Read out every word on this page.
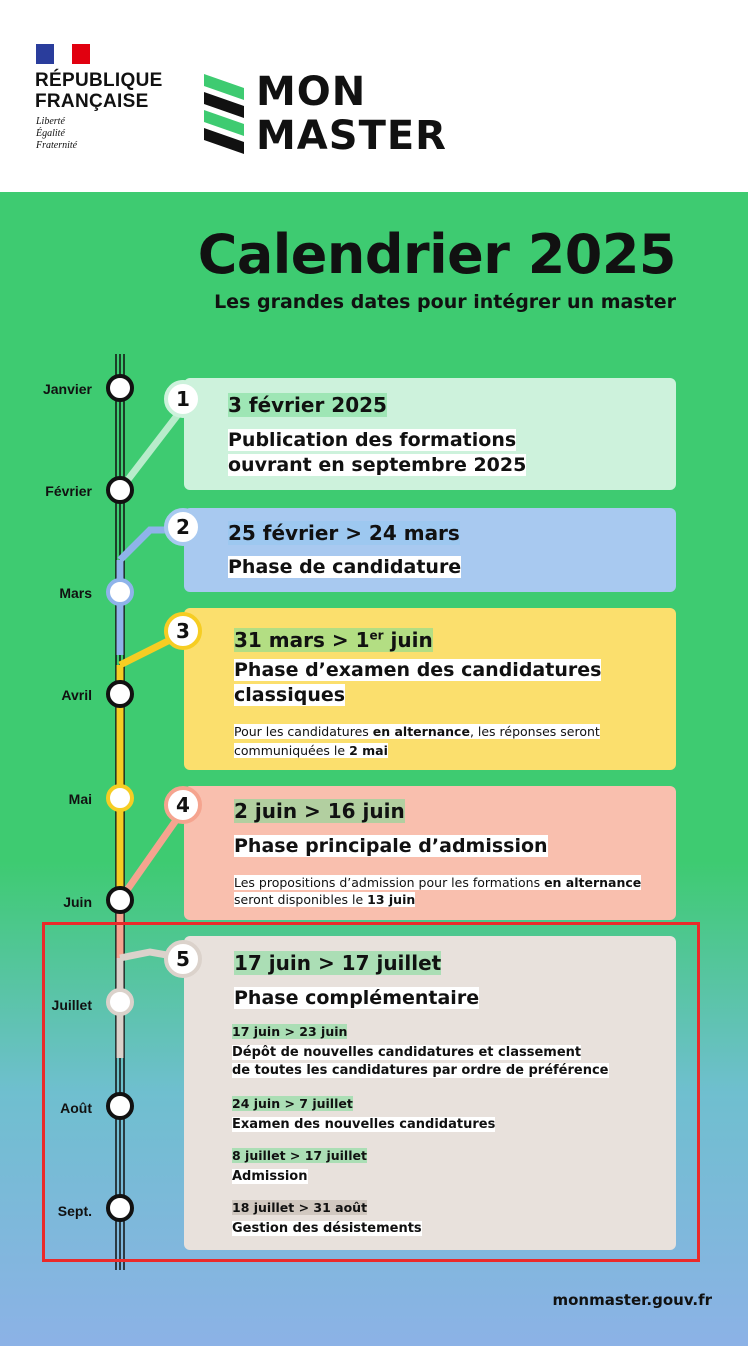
RÉPUBLIQUE
FRANÇAISE
Liberté
Égalité
Fraternité
MON
MASTER
Calendrier 2025
Les grandes dates pour intégrer un master
Janvier
Février
Mars
Avril
Mai
Juin
Juillet
Août
Sept.
3 février 2025
Publication des formations
ouvrant en septembre 2025
1
25 février > 24 mars
Phase de candidature
2
31 mars > 1er juin
Phase d’examen des candidatures
classiques
Pour les candidatures en alternance, les réponses seront
communiquées le 2 mai
3
2 juin > 16 juin
Phase principale d’admission
Les propositions d’admission pour les formations en alternance
seront disponibles le 13 juin
4
17 juin > 17 juillet
Phase complémentaire
17 juin > 23 juin
Dépôt de nouvelles candidatures et classement
de toutes les candidatures par ordre de préférence
24 juin > 7 juillet
Examen des nouvelles candidatures
8 juillet > 17 juillet
Admission
18 juillet > 31 août
Gestion des désistements
5
monmaster.gouv.fr
